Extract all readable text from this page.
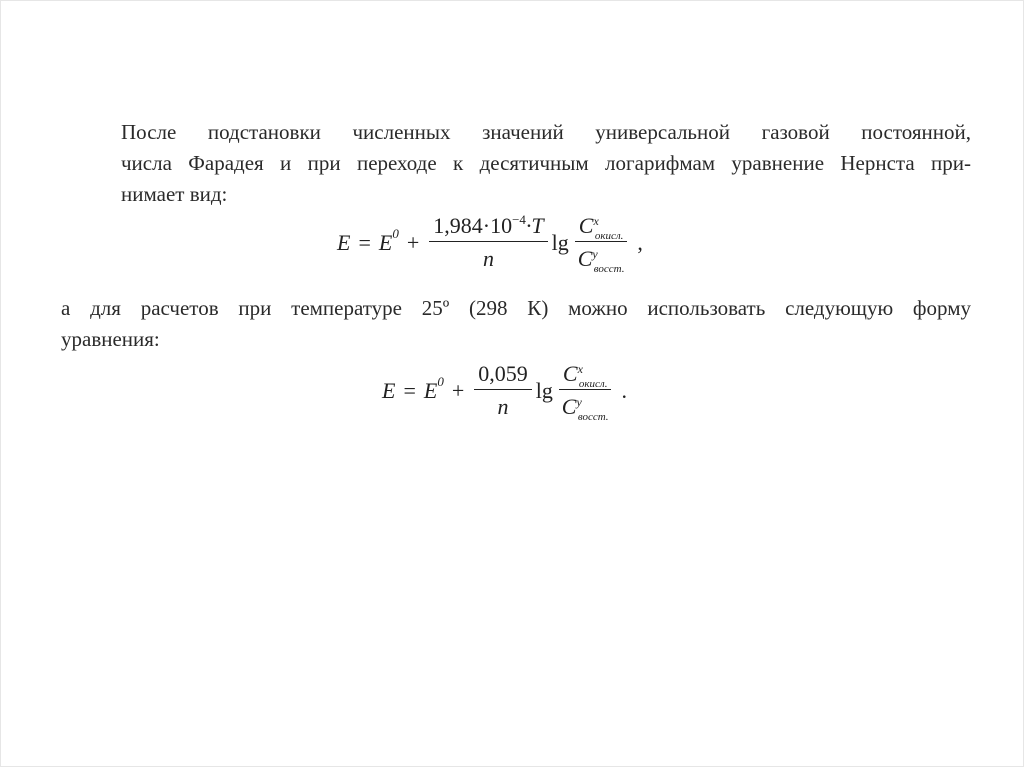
После подстановки численных значений универсальной газовой постоянной,
числа Фарадея и при переходе к десятичным логарифмам уравнение Нернста при-
нимает вид:
E = E $0 + \frac{1,984\cdot 10^{-4}\cdot T}{n}$ $\lg \frac{C^x_{окисл.}}{C^y_{восст.}}$ ,
а для расчетов при температуре 25º (298 К) можно использовать следующую форму
уравнения:
E = E $0 + \frac{0,059}{n}$ $\lg \frac{C^x_{окисл.}}{C^y_{восст.}}$ .
